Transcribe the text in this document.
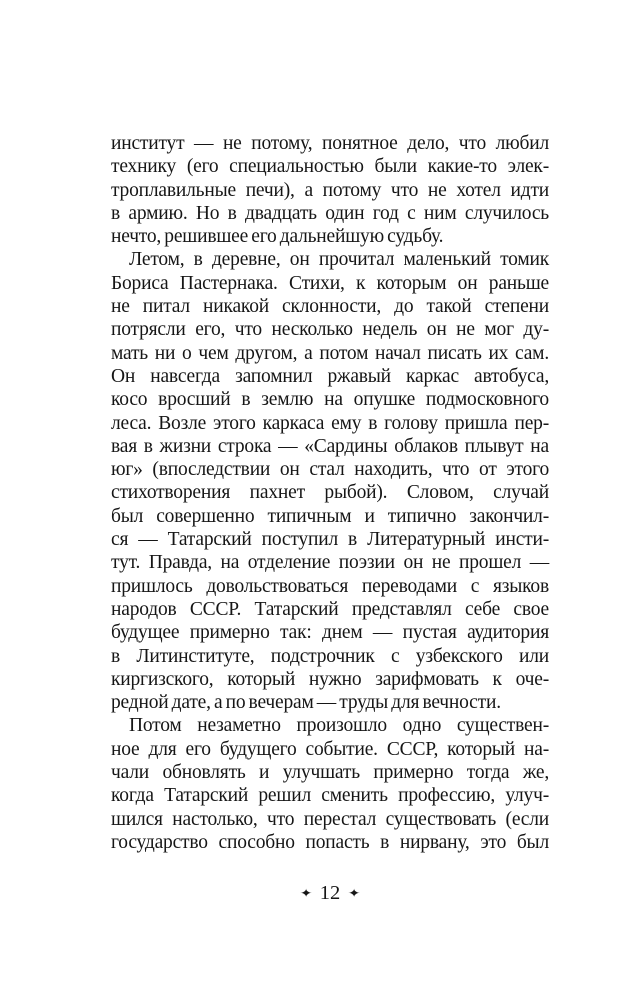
институт — не потому, понятное дело, что любил
технику (его специальностью были какие-то элек-
троплавильные печи), а потому что не хотел идти
в армию. Но в двадцать один год с ним случилось
нечто, решившее его дальнейшую судьбу.
Летом, в деревне, он прочитал маленький томик
Бориса Пастернака. Стихи, к которым он раньше
не питал никакой склонности, до такой степени
потрясли его, что несколько недель он не мог ду-
мать ни о чем другом, а потом начал писать их сам.
Он навсегда запомнил ржавый каркас автобуса,
косо вросший в землю на опушке подмосковного
леса. Возле этого каркаса ему в голову пришла пер-
вая в жизни строка — «Сардины облаков плывут на
юг» (впоследствии он стал находить, что от этого
стихотворения пахнет рыбой). Словом, случай
был совершенно типичным и типично закончил-
ся — Татарский поступил в Литературный инсти-
тут. Правда, на отделение поэзии он не прошел —
пришлось довольствоваться переводами с языков
народов СССР. Татарский представлял себе свое
будущее примерно так: днем — пустая аудитория
в Литинституте, подстрочник с узбекского или
киргизского, который нужно зарифмовать к оче-
редной дате, а по вечерам — труды для вечности.
Потом незаметно произошло одно существен-
ное для его будущего событие. СССР, который на-
чали обновлять и улучшать примерно тогда же,
когда Татарский решил сменить профессию, улуч-
шился настолько, что перестал существовать (если
государство способно попасть в нирвану, это был
✦ 12 ✦
